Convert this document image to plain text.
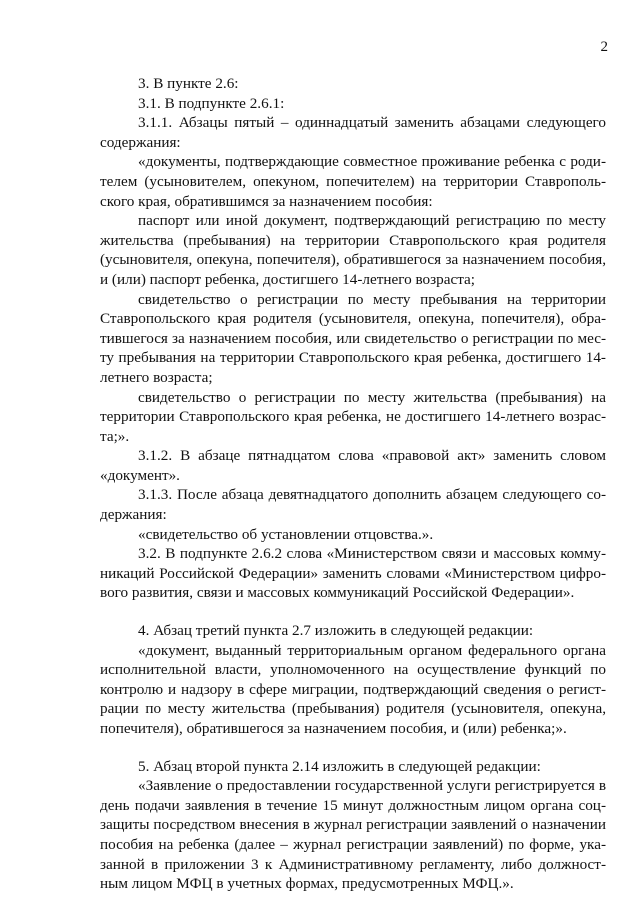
2

3. В пункте 2.6:

3.1. В подпункте 2.6.1:

3.1.1. Абзацы пятый – одиннадцатый заменить абзацами следующего содержания:

«документы, подтверждающие совместное проживание ребенка с родителем (усыновителем, опекуном, попечителем) на территории Ставропольского края, обратившимся за назначением пособия:

паспорт или иной документ, подтверждающий регистрацию по месту жительства (пребывания) на территории Ставропольского края родителя (усыновителя, опекуна, попечителя), обратившегося за назначением пособия, и (или) паспорт ребенка, достигшего 14-летнего возраста;

свидетельство о регистрации по месту пребывания на территории Ставропольского края родителя (усыновителя, опекуна, попечителя), обратившегося за назначением пособия, или свидетельство о регистрации по месту пребывания на территории Ставропольского края ребенка, достигшего 14-летнего возраста;

свидетельство о регистрации по месту жительства (пребывания) на территории Ставропольского края ребенка, не достигшего 14-летнего возраста;».

3.1.2. В абзаце пятнадцатом слова «правовой акт» заменить словом «документ».

3.1.3. После абзаца девятнадцатого дополнить абзацем следующего содержания:

«свидетельство об установлении отцовства.».

3.2. В подпункте 2.6.2 слова «Министерством связи и массовых коммуникаций Российской Федерации» заменить словами «Министерством цифрового развития, связи и массовых коммуникаций Российской Федерации».

4. Абзац третий пункта 2.7 изложить в следующей редакции:

«документ, выданный территориальным органом федерального органа исполнительной власти, уполномоченного на осуществление функций по контролю и надзору в сфере миграции, подтверждающий сведения о регистрации по месту жительства (пребывания) родителя (усыновителя, опекуна, попечителя), обратившегося за назначением пособия, и (или) ребенка;».

5. Абзац второй пункта 2.14 изложить в следующей редакции:

«Заявление о предоставлении государственной услуги регистрируется в день подачи заявления в течение 15 минут должностным лицом органа соцзащиты посредством внесения в журнал регистрации заявлений о назначении пособия на ребенка (далее – журнал регистрации заявлений) по форме, указанной в приложении 3 к Административному регламенту, либо должностным лицом МФЦ в учетных формах, предусмотренных МФЦ.».
